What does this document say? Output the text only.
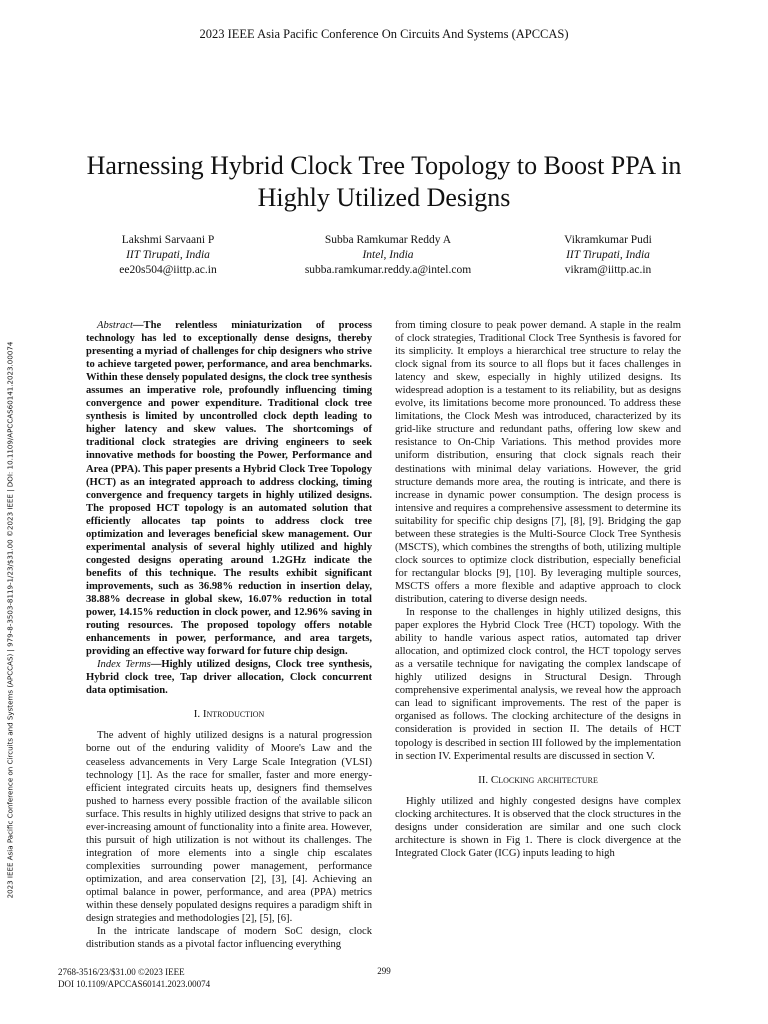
2023 IEEE Asia Pacific Conference On Circuits And Systems (APCCAS)
Harnessing Hybrid Clock Tree Topology to Boost PPA in Highly Utilized Designs
Lakshmi Sarvaani P
IIT Tirupati, India
ee20s504@iittp.ac.in
Subba Ramkumar Reddy A
Intel, India
subba.ramkumar.reddy.a@intel.com
Vikramkumar Pudi
IIT Tirupati, India
vikram@iittp.ac.in
2023 IEEE Asia Pacific Conference on Circuits and Systems (APCCAS) | 979-8-3503-8119-1/23/$31.00 ©2023 IEEE | DOI: 10.1109/APCCAS60141.2023.00074

Abstract—The relentless miniaturization of process technology has led to exceptionally dense designs, thereby presenting a myriad of challenges for chip designers who strive to achieve targeted power, performance, and area benchmarks. Within these densely populated designs, the clock tree synthesis assumes an imperative role, profoundly influencing timing convergence and power expenditure. Traditional clock tree synthesis is limited by uncontrolled clock depth leading to higher latency and skew values. The shortcomings of traditional clock strategies are driving engineers to seek innovative methods for boosting the Power, Performance and Area (PPA). This paper presents a Hybrid Clock Tree Topology (HCT) as an integrated approach to address clocking, timing convergence and frequency targets in highly utilized designs. The proposed HCT topology is an automated solution that efficiently allocates tap points to address clock tree optimization and leverages beneficial skew management. Our experimental analysis of several highly utilized and highly congested designs operating around 1.2GHz indicate the benefits of this technique. The results exhibit significant improvements, such as 36.98% reduction in insertion delay, 38.88% decrease in global skew, 16.07% reduction in total power, 14.15% reduction in clock power, and 12.96% saving in routing resources. The proposed topology offers notable enhancements in power, performance, and area targets, providing an effective way forward for future chip design.

Index Terms—Highly utilized designs, Clock tree synthesis, Hybrid clock tree, Tap driver allocation, Clock concurrent data optimisation.

I. Introduction

The advent of highly utilized designs is a natural progression borne out of the enduring validity of Moore's Law and the ceaseless advancements in Very Large Scale Integration (VLSI) technology [1]. As the race for smaller, faster and more energy-efficient integrated circuits heats up, designers find themselves pushed to harness every possible fraction of the available silicon surface. This results in highly utilized designs that strive to pack an ever-increasing amount of functionality into a finite area. However, this pursuit of high utilization is not without its challenges. The integration of more elements into a single chip escalates complexities surrounding power management, performance optimization, and area conservation [2], [3], [4]. Achieving an optimal balance in power, performance, and area (PPA) metrics within these densely populated designs requires a paradigm shift in design strategies and methodologies [2], [5], [6].

In the intricate landscape of modern SoC design, clock distribution stands as a pivotal factor influencing everything

from timing closure to peak power demand. A staple in the realm of clock strategies, Traditional Clock Tree Synthesis is favored for its simplicity. It employs a hierarchical tree structure to relay the clock signal from its source to all flops but it faces challenges in latency and skew, especially in highly utilized designs. Its widespread adoption is a testament to its reliability, but as designs evolve, its limitations become more pronounced. To address these limitations, the Clock Mesh was introduced, characterized by its grid-like structure and redundant paths, offering low skew and resistance to On-Chip Variations. This method provides more uniform distribution, ensuring that clock signals reach their destinations with minimal delay variations. However, the grid structure demands more area, the routing is intricate, and there is increase in dynamic power consumption. The design process is intensive and requires a comprehensive assessment to determine its suitability for specific chip designs [7], [8], [9]. Bridging the gap between these strategies is the Multi-Source Clock Tree Synthesis (MSCTS), which combines the strengths of both, utilizing multiple clock sources to optimize clock distribution, especially beneficial for rectangular blocks [9], [10]. By leveraging multiple sources, MSCTS offers a more flexible and adaptive approach to clock distribution, catering to diverse design needs.

In response to the challenges in highly utilized designs, this paper explores the Hybrid Clock Tree (HCT) topology. With the ability to handle various aspect ratios, automated tap driver allocation, and optimized clock control, the HCT topology serves as a versatile technique for navigating the complex landscape of highly utilized designs in Structural Design. Through comprehensive experimental analysis, we reveal how the approach can lead to significant improvements. The rest of the paper is organised as follows. The clocking architecture of the designs in consideration is provided in section II. The details of HCT topology is described in section III followed by the implementation in section IV. Experimental results are discussed in section V.

II. Clocking architecture

Highly utilized and highly congested designs have complex clocking architectures. It is observed that the clock structures in the designs under consideration are similar and one such clock architecture is shown in Fig 1. There is clock divergence at the Integrated Clock Gater (ICG) inputs leading to high

2768-3516/23/$31.00 ©2023 IEEE
DOI 10.1109/APCCAS60141.2023.00074
299
